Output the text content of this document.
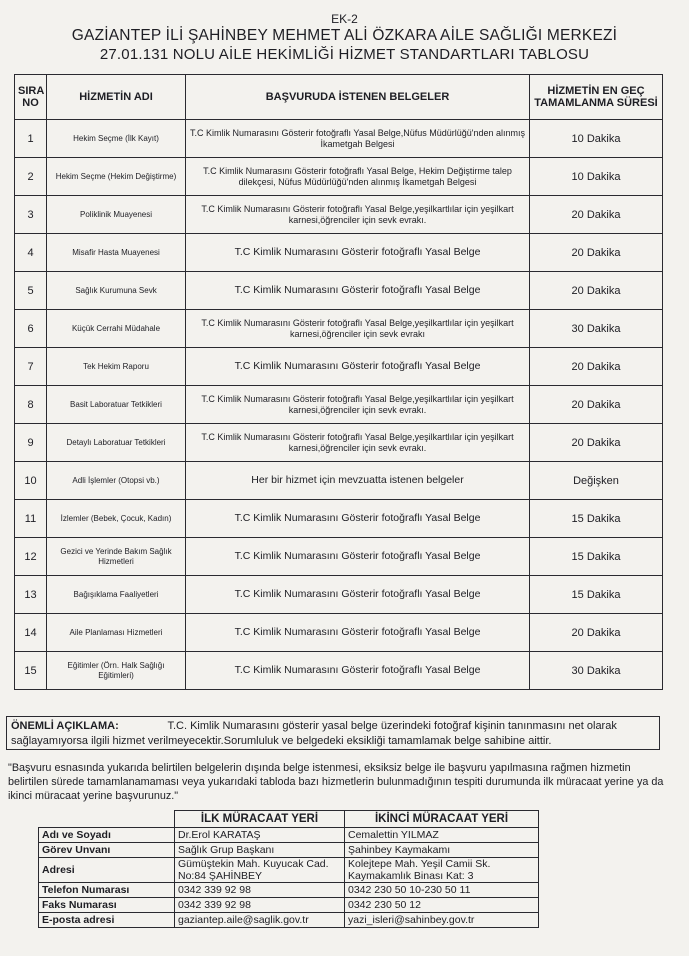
EK-2
GAZİANTEP İLİ ŞAHİNBEY MEHMET ALİ ÖZKARA AİLE SAĞLIĞI MERKEZİ
27.01.131 NOLU AİLE HEKİMLİĞİ HİZMET STANDARTLARI TABLOSU
SIRA NO	HİZMETİN ADI	BAŞVURUDA İSTENEN BELGELER	HİZMETİN EN GEÇ TAMAMLANMA SÜRESİ
1	Hekim Seçme (İlk Kayıt)	T.C Kimlik Numarasını Gösterir fotoğraflı Yasal Belge,Nüfus Müdürlüğü'nden alınmış İkametgah Belgesi	10 Dakika
2	Hekim Seçme (Hekim Değiştirme)	T.C Kimlik Numarasını Gösterir fotoğraflı Yasal Belge, Hekim Değiştirme talep dilekçesi, Nüfus Müdürlüğü'nden alınmış İkametgah Belgesi	10 Dakika
3	Poliklinik Muayenesi	T.C Kimlik Numarasını Gösterir fotoğraflı Yasal Belge,yeşilkartlılar için yeşilkart karnesi,öğrenciler için sevk evrakı.	20 Dakika
4	Misafir Hasta Muayenesi	T.C Kimlik Numarasını Gösterir fotoğraflı Yasal Belge	20 Dakika
5	Sağlık Kurumuna Sevk	T.C Kimlik Numarasını Gösterir fotoğraflı Yasal Belge	20 Dakika
6	Küçük Cerrahi Müdahale	T.C Kimlik Numarasını Gösterir fotoğraflı Yasal Belge,yeşilkartlılar için yeşilkart karnesi,öğrenciler için sevk evrakı	30 Dakika
7	Tek Hekim Raporu	T.C Kimlik Numarasını Gösterir fotoğraflı Yasal Belge	20 Dakika
8	Basit Laboratuar Tetkikleri	T.C Kimlik Numarasını Gösterir fotoğraflı Yasal Belge,yeşilkartlılar için yeşilkart karnesi,öğrenciler için sevk evrakı.	20 Dakika
9	Detaylı Laboratuar Tetkikleri	T.C Kimlik Numarasını Gösterir fotoğraflı Yasal Belge,yeşilkartlılar için yeşilkart karnesi,öğrenciler için sevk evrakı.	20 Dakika
10	Adli İşlemler (Otopsi vb.)	Her bir hizmet için mevzuatta istenen belgeler	Değişken
11	İzlemler (Bebek, Çocuk, Kadın)	T.C Kimlik Numarasını Gösterir fotoğraflı Yasal Belge	15 Dakika
12	Gezici ve Yerinde Bakım Sağlık Hizmetleri	T.C Kimlik Numarasını Gösterir fotoğraflı Yasal Belge	15 Dakika
13	Bağışıklama Faaliyetleri	T.C Kimlik Numarasını Gösterir fotoğraflı Yasal Belge	15 Dakika
14	Aile Planlaması Hizmetleri	T.C Kimlik Numarasını Gösterir fotoğraflı Yasal Belge	20 Dakika
15	Eğitimler (Örn. Halk Sağlığı Eğitimleri)	T.C Kimlik Numarasını Gösterir fotoğraflı Yasal Belge	30 Dakika
ÖNEMLİ AÇIKLAMA:	T.C. Kimlik Numarasını gösterir yasal belge üzerindeki fotoğraf kişinin tanınmasını net olarak sağlayamıyorsa ilgili hizmet verilmeyecektir.Sorumluluk ve belgedeki eksikliği tamamlamak belge sahibine aittir.
"Başvuru esnasında yukarıda belirtilen belgelerin dışında belge istenmesi, eksiksiz belge ile başvuru yapılmasına rağmen hizmetin belirtilen sürede tamamlanamaması veya yukarıdaki tabloda bazı hizmetlerin bulunmadığının tespiti durumunda ilk müracaat yerine ya da ikinci müracaat yerine başvurunuz."
	İLK MÜRACAAT YERİ	İKİNCİ MÜRACAAT YERİ
Adı ve Soyadı	Dr.Erol KARATAŞ	Cemalettin YILMAZ
Görev Unvanı	Sağlık Grup Başkanı	Şahinbey Kaymakamı
Adresi	Gümüştekin Mah. Kuyucak Cad. No:84 ŞAHİNBEY	Kolejtepe Mah. Yeşil Camii Sk. Kaymakamlık Binası Kat: 3
Telefon Numarası	0342 339 92 98	0342 230 50 10-230 50 11
Faks Numarası	0342 339 92 98	0342 230 50 12
E-posta adresi	gaziantep.aile@saglik.gov.tr	yazi_isleri@sahinbey.gov.tr
